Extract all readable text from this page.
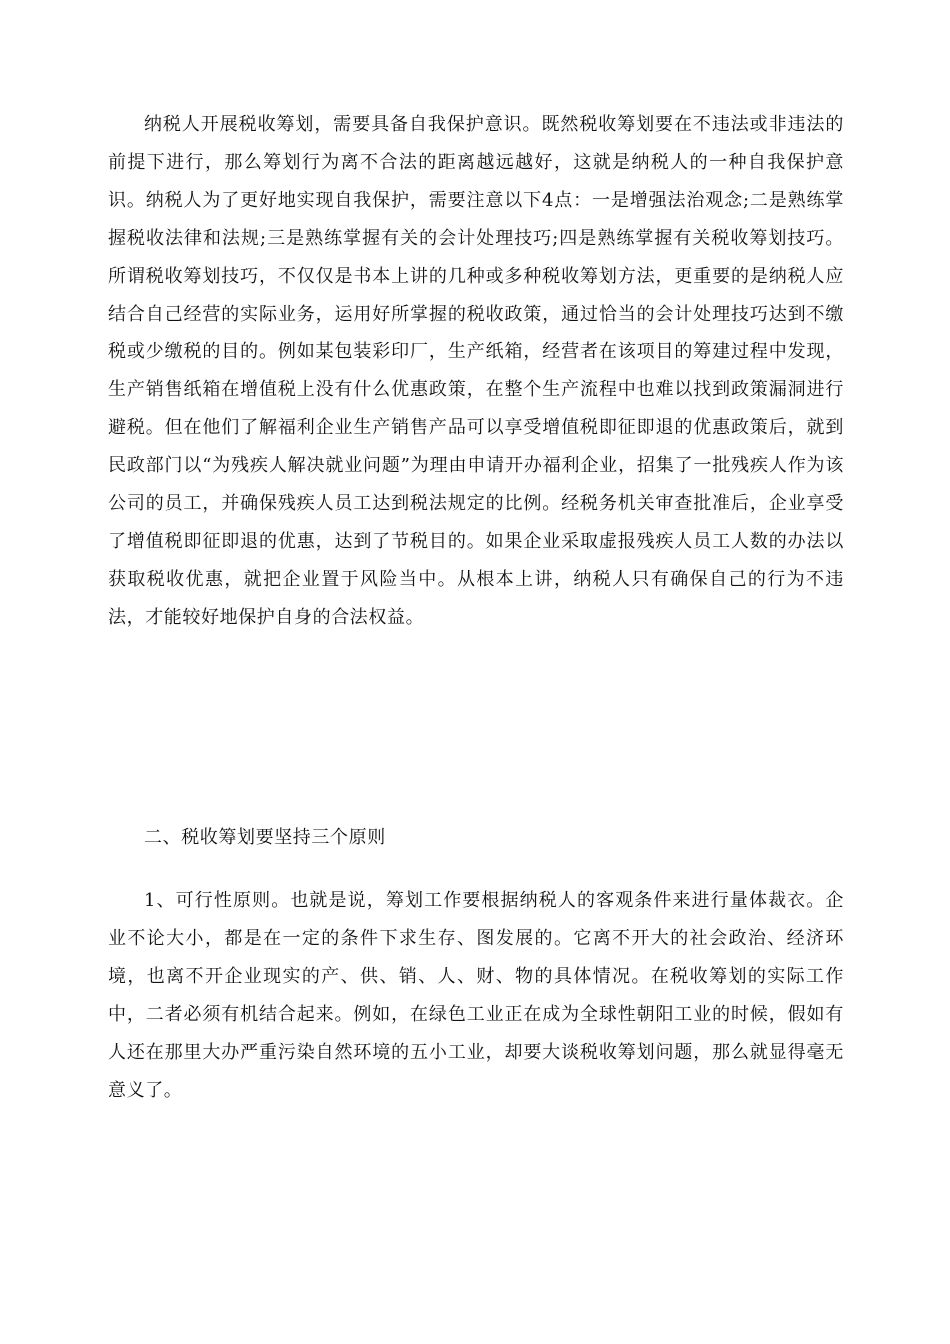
纳税人开展税收筹划，需要具备自我保护意识。既然税收筹划要在不违法或非违法的前提下进行，那么筹划行为离不合法的距离越远越好，这就是纳税人的一种自我保护意识。纳税人为了更好地实现自我保护，需要注意以下4点：一是增强法治观念;二是熟练掌握税收法律和法规;三是熟练掌握有关的会计处理技巧;四是熟练掌握有关税收筹划技巧。所谓税收筹划技巧，不仅仅是书本上讲的几种或多种税收筹划方法，更重要的是纳税人应结合自己经营的实际业务，运用好所掌握的税收政策，通过恰当的会计处理技巧达到不缴税或少缴税的目的。例如某包装彩印厂，生产纸箱，经营者在该项目的筹建过程中发现，生产销售纸箱在增值税上没有什么优惠政策，在整个生产流程中也难以找到政策漏洞进行避税。但在他们了解福利企业生产销售产品可以享受增值税即征即退的优惠政策后，就到民政部门以“为残疾人解决就业问题”为理由申请开办福利企业，招集了一批残疾人作为该公司的员工，并确保残疾人员工达到税法规定的比例。经税务机关审查批准后，企业享受了增值税即征即退的优惠，达到了节税目的。如果企业采取虚报残疾人员工人数的办法以获取税收优惠，就把企业置于风险当中。从根本上讲，纳税人只有确保自己的行为不违法，才能较好地保护自身的合法权益。

二、税收筹划要坚持三个原则

1、可行性原则。也就是说，筹划工作要根据纳税人的客观条件来进行量体裁衣。企业不论大小，都是在一定的条件下求生存、图发展的。它离不开大的社会政治、经济环境，也离不开企业现实的产、供、销、人、财、物的具体情况。在税收筹划的实际工作中，二者必须有机结合起来。例如，在绿色工业正在成为全球性朝阳工业的时候，假如有人还在那里大办严重污染自然环境的五小工业，却要大谈税收筹划问题，那么就显得毫无意义了。
